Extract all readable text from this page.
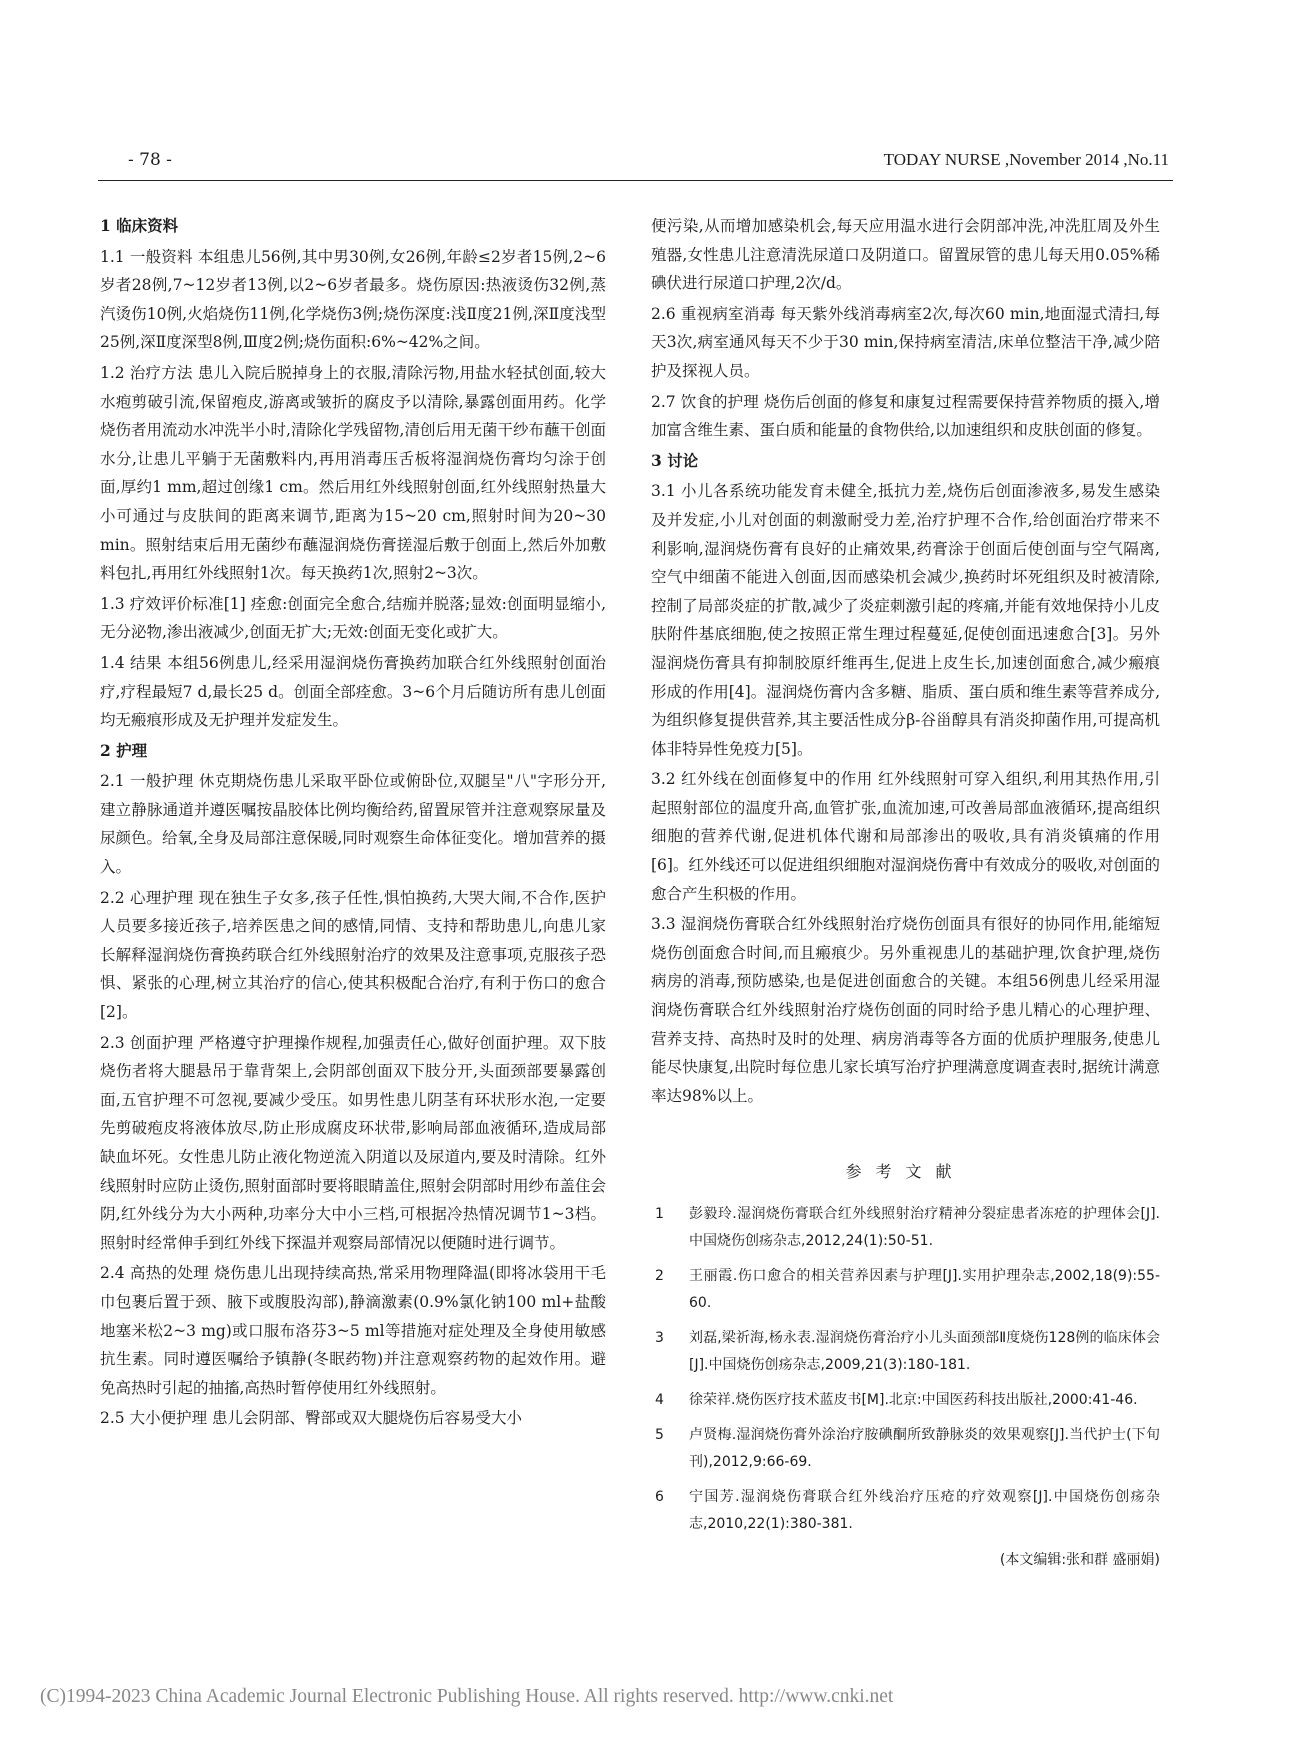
- 78 -	TODAY NURSE ,November 2014 ,No.11

1 临床资料

1.1 一般资料 本组患儿56例,其中男30例,女26例,年龄≤2岁者15例,2~6岁者28例,7~12岁者13例,以2~6岁者最多。烧伤原因:热液烫伤32例,蒸汽烫伤10例,火焰烧伤11例,化学烧伤3例;烧伤深度:浅Ⅱ度21例,深Ⅱ度浅型25例,深Ⅱ度深型8例,Ⅲ度2例;烧伤面积:6%~42%之间。

1.2 治疗方法 患儿入院后脱掉身上的衣服,清除污物,用盐水轻拭创面,较大水疱剪破引流,保留疱皮,游离或皱折的腐皮予以清除,暴露创面用药。化学烧伤者用流动水冲洗半小时,清除化学残留物,清创后用无菌干纱布蘸干创面水分,让患儿平躺于无菌敷料内,再用消毒压舌板将湿润烧伤膏均匀涂于创面,厚约1 mm,超过创缘1 cm。然后用红外线照射创面,红外线照射热量大小可通过与皮肤间的距离来调节,距离为15~20 cm,照射时间为20~30 min。照射结束后用无菌纱布蘸湿润烧伤膏搓湿后敷于创面上,然后外加敷料包扎,再用红外线照射1次。每天换药1次,照射2~3次。

1.3 疗效评价标准[1] 痊愈:创面完全愈合,结痂并脱落;显效:创面明显缩小,无分泌物,渗出液减少,创面无扩大;无效:创面无变化或扩大。

1.4 结果 本组56例患儿,经采用湿润烧伤膏换药加联合红外线照射创面治疗,疗程最短7 d,最长25 d。创面全部痊愈。3~6个月后随访所有患儿创面均无瘢痕形成及无护理并发症发生。

2 护理

2.1 一般护理 休克期烧伤患儿采取平卧位或俯卧位,双腿呈"八"字形分开,建立静脉通道并遵医嘱按晶胶体比例均衡给药,留置尿管并注意观察尿量及尿颜色。给氧,全身及局部注意保暖,同时观察生命体征变化。增加营养的摄入。

2.2 心理护理 现在独生子女多,孩子任性,惧怕换药,大哭大闹,不合作,医护人员要多接近孩子,培养医患之间的感情,同情、支持和帮助患儿,向患儿家长解释湿润烧伤膏换药联合红外线照射治疗的效果及注意事项,克服孩子恐惧、紧张的心理,树立其治疗的信心,使其积极配合治疗,有利于伤口的愈合[2]。

2.3 创面护理 严格遵守护理操作规程,加强责任心,做好创面护理。双下肢烧伤者将大腿悬吊于靠背架上,会阴部创面双下肢分开,头面颈部要暴露创面,五官护理不可忽视,要减少受压。如男性患儿阴茎有环状形水泡,一定要先剪破疱皮将液体放尽,防止形成腐皮环状带,影响局部血液循环,造成局部缺血坏死。女性患儿防止液化物逆流入阴道以及尿道内,要及时清除。红外线照射时应防止烫伤,照射面部时要将眼睛盖住,照射会阴部时用纱布盖住会阴,红外线分为大小两种,功率分大中小三档,可根据冷热情况调节1~3档。照射时经常伸手到红外线下探温并观察局部情况以便随时进行调节。

2.4 高热的处理 烧伤患儿出现持续高热,常采用物理降温(即将冰袋用干毛巾包裹后置于颈、腋下或腹股沟部),静滴激素(0.9%氯化钠100 ml+盐酸地塞米松2~3 mg)或口服布洛芬3~5 ml等措施对症处理及全身使用敏感抗生素。同时遵医嘱给予镇静(冬眠药物)并注意观察药物的起效作用。避免高热时引起的抽搐,高热时暂停使用红外线照射。

2.5 大小便护理 患儿会阴部、臀部或双大腿烧伤后容易受大小

便污染,从而增加感染机会,每天应用温水进行会阴部冲洗,冲洗肛周及外生殖器,女性患儿注意清洗尿道口及阴道口。留置尿管的患儿每天用0.05%稀碘伏进行尿道口护理,2次/d。

2.6 重视病室消毒 每天紫外线消毒病室2次,每次60 min,地面湿式清扫,每天3次,病室通风每天不少于30 min,保持病室清洁,床单位整洁干净,减少陪护及探视人员。

2.7 饮食的护理 烧伤后创面的修复和康复过程需要保持营养物质的摄入,增加富含维生素、蛋白质和能量的食物供给,以加速组织和皮肤创面的修复。

3 讨论

3.1 小儿各系统功能发育未健全,抵抗力差,烧伤后创面渗液多,易发生感染及并发症,小儿对创面的刺激耐受力差,治疗护理不合作,给创面治疗带来不利影响,湿润烧伤膏有良好的止痛效果,药膏涂于创面后使创面与空气隔离,空气中细菌不能进入创面,因而感染机会减少,换药时坏死组织及时被清除,控制了局部炎症的扩散,减少了炎症刺激引起的疼痛,并能有效地保持小儿皮肤附件基底细胞,使之按照正常生理过程蔓延,促使创面迅速愈合[3]。另外湿润烧伤膏具有抑制胶原纤维再生,促进上皮生长,加速创面愈合,减少瘢痕形成的作用[4]。湿润烧伤膏内含多糖、脂质、蛋白质和维生素等营养成分,为组织修复提供营养,其主要活性成分β-谷甾醇具有消炎抑菌作用,可提高机体非特异性免疫力[5]。

3.2 红外线在创面修复中的作用 红外线照射可穿入组织,利用其热作用,引起照射部位的温度升高,血管扩张,血流加速,可改善局部血液循环,提高组织细胞的营养代谢,促进机体代谢和局部渗出的吸收,具有消炎镇痛的作用[6]。红外线还可以促进组织细胞对湿润烧伤膏中有效成分的吸收,对创面的愈合产生积极的作用。

3.3 湿润烧伤膏联合红外线照射治疗烧伤创面具有很好的协同作用,能缩短烧伤创面愈合时间,而且瘢痕少。另外重视患儿的基础护理,饮食护理,烧伤病房的消毒,预防感染,也是促进创面愈合的关键。本组56例患儿经采用湿润烧伤膏联合红外线照射治疗烧伤创面的同时给予患儿精心的心理护理、营养支持、高热时及时的处理、病房消毒等各方面的优质护理服务,使患儿能尽快康复,出院时每位患儿家长填写治疗护理满意度调查表时,据统计满意率达98%以上。

参考文献
1 彭毅玲.湿润烧伤膏联合红外线照射治疗精神分裂症患者冻疮的护理体会[J].中国烧伤创疡杂志,2012,24(1):50-51.
2 王丽霞.伤口愈合的相关营养因素与护理[J].实用护理杂志,2002,18(9):55-60.
3 刘磊,梁祈海,杨永表.湿润烧伤膏治疗小儿头面颈部Ⅱ度烧伤128例的临床体会[J].中国烧伤创疡杂志,2009,21(3):180-181.
4 徐荣祥.烧伤医疗技术蓝皮书[M].北京:中国医药科技出版社,2000:41-46.
5 卢贤梅.湿润烧伤膏外涂治疗胺碘酮所致静脉炎的效果观察[J].当代护士(下旬刊),2012,9:66-69.
6 宁国芳.湿润烧伤膏联合红外线治疗压疮的疗效观察[J].中国烧伤创疡杂志,2010,22(1):380-381.
(本文编辑:张和群 盛丽娟)
(C)1994-2023 China Academic Journal Electronic Publishing House. All rights reserved. http://www.cnki.net
